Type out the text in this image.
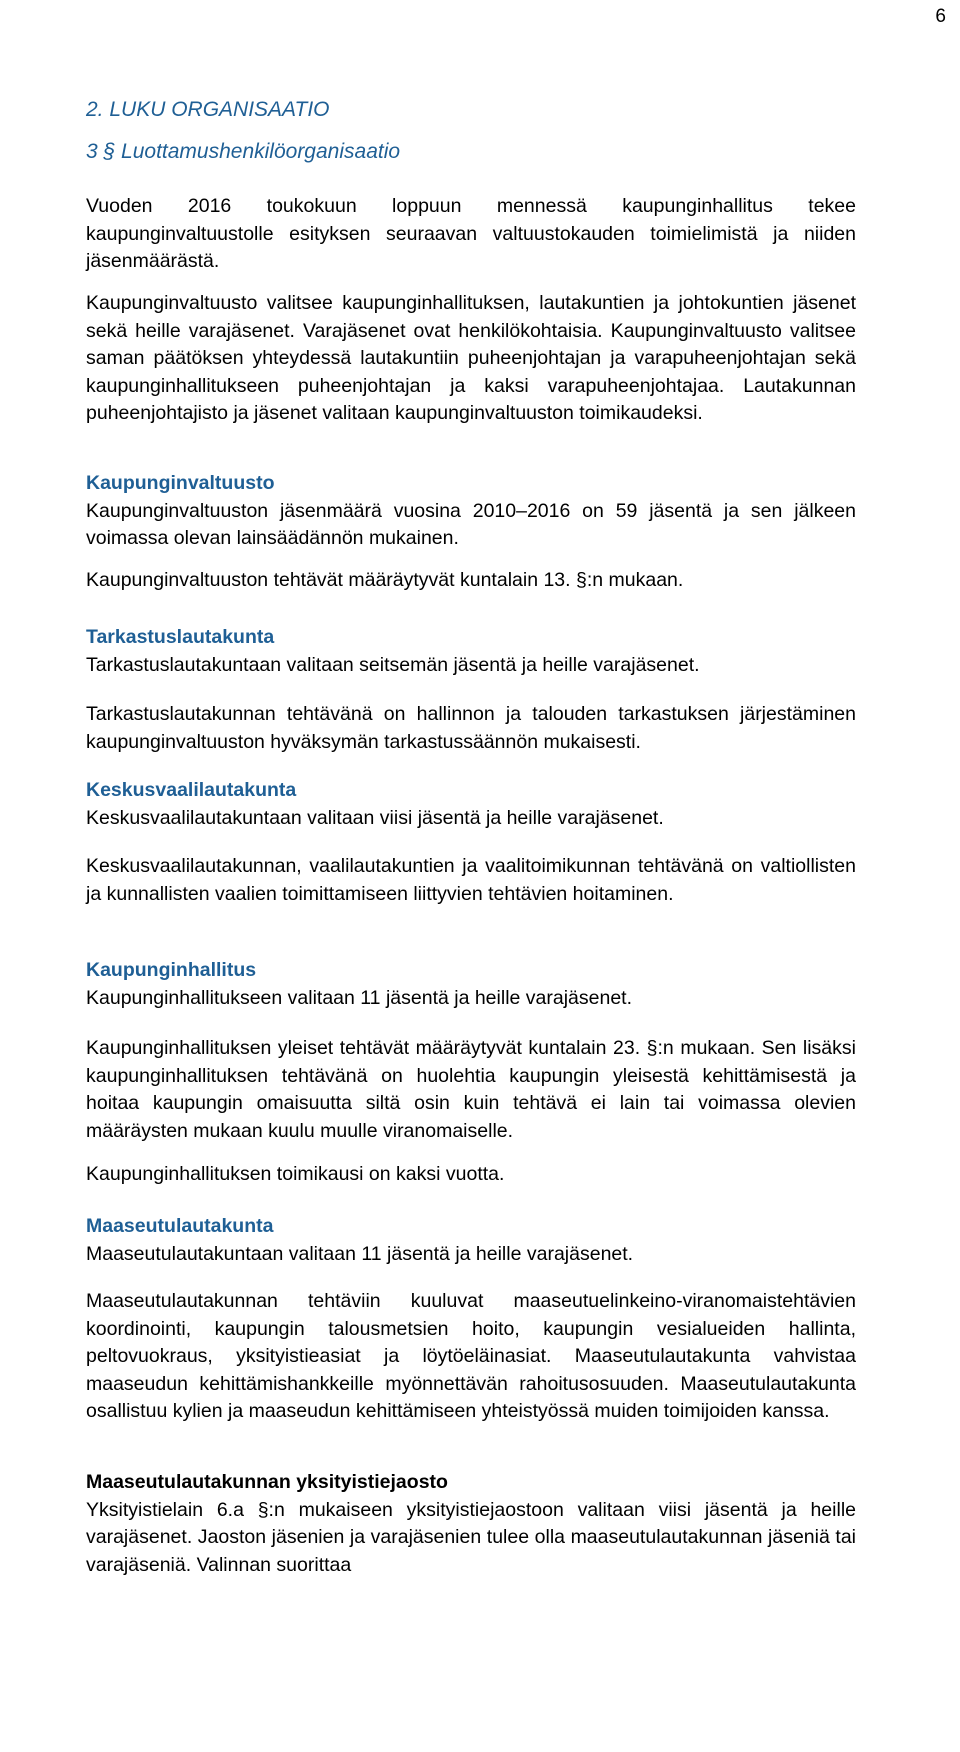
6
2. LUKU ORGANISAATIO
3 § Luottamushenkilöorganisaatio

Vuoden 2016 toukokuun loppuun mennessä kaupunginhallitus tekee kaupunginvaltuustolle esityksen seuraavan valtuustokauden toimielimistä ja niiden jäsenmäärästä.

Kaupunginvaltuusto valitsee kaupunginhallituksen, lautakuntien ja johtokuntien jäsenet sekä heille varajäsenet. Varajäsenet ovat henkilökohtaisia. Kaupunginvaltuusto valitsee saman päätöksen yhteydessä lautakuntiin puheenjohtajan ja varapuheenjohtajan sekä kaupunginhallitukseen puheenjohtajan ja kaksi varapuheenjohtajaa. Lautakunnan puheenjohtajisto ja jäsenet valitaan kaupunginvaltuuston toimikaudeksi.

Kaupunginvaltuusto

Kaupunginvaltuuston jäsenmäärä vuosina 2010–2016 on 59 jäsentä ja sen jälkeen voimassa olevan lainsäädännön mukainen.

Kaupunginvaltuuston tehtävät määräytyvät kuntalain 13. §:n mukaan.

Tarkastuslautakunta

Tarkastuslautakuntaan valitaan seitsemän jäsentä ja heille varajäsenet.

Tarkastuslautakunnan tehtävänä on hallinnon ja talouden tarkastuksen järjestäminen kaupunginvaltuuston hyväksymän tarkastussäännön mukaisesti.

Keskusvaalilautakunta

Keskusvaalilautakuntaan valitaan viisi jäsentä ja heille varajäsenet.

Keskusvaalilautakunnan, vaalilautakuntien ja vaalitoimikunnan tehtävänä on valtiollisten ja kunnallisten vaalien toimittamiseen liittyvien tehtävien hoitaminen.

Kaupunginhallitus

Kaupunginhallitukseen valitaan 11 jäsentä ja heille varajäsenet.

Kaupunginhallituksen yleiset tehtävät määräytyvät kuntalain 23. §:n mukaan. Sen lisäksi kaupunginhallituksen tehtävänä on huolehtia kaupungin yleisestä kehittämisestä ja hoitaa kaupungin omaisuutta siltä osin kuin tehtävä ei lain tai voimassa olevien määräysten mukaan kuulu muulle viranomaiselle.

Kaupunginhallituksen toimikausi on kaksi vuotta.

Maaseutulautakunta

Maaseutulautakuntaan valitaan 11 jäsentä ja heille varajäsenet.

Maaseutulautakunnan tehtäviin kuuluvat maaseutuelinkeino-viranomaistehtävien koordinointi, kaupungin talousmetsien hoito, kaupungin vesialueiden hallinta, peltovuokraus, yksityistieasiat ja löytöeläinasiat. Maaseutulautakunta vahvistaa maaseudun kehittämishankkeille myönnettävän rahoitusosuuden. Maaseutulautakunta osallistuu kylien ja maaseudun kehittämiseen yhteistyössä muiden toimijoiden kanssa.

Maaseutulautakunnan yksityistiejaosto

Yksityistielain 6.a §:n mukaiseen yksityistiejaostoon valitaan viisi jäsentä ja heille varajäsenet. Jaoston jäsenien ja varajäsenien tulee olla maaseutulautakunnan jäseniä tai varajäseniä. Valinnan suorittaa
